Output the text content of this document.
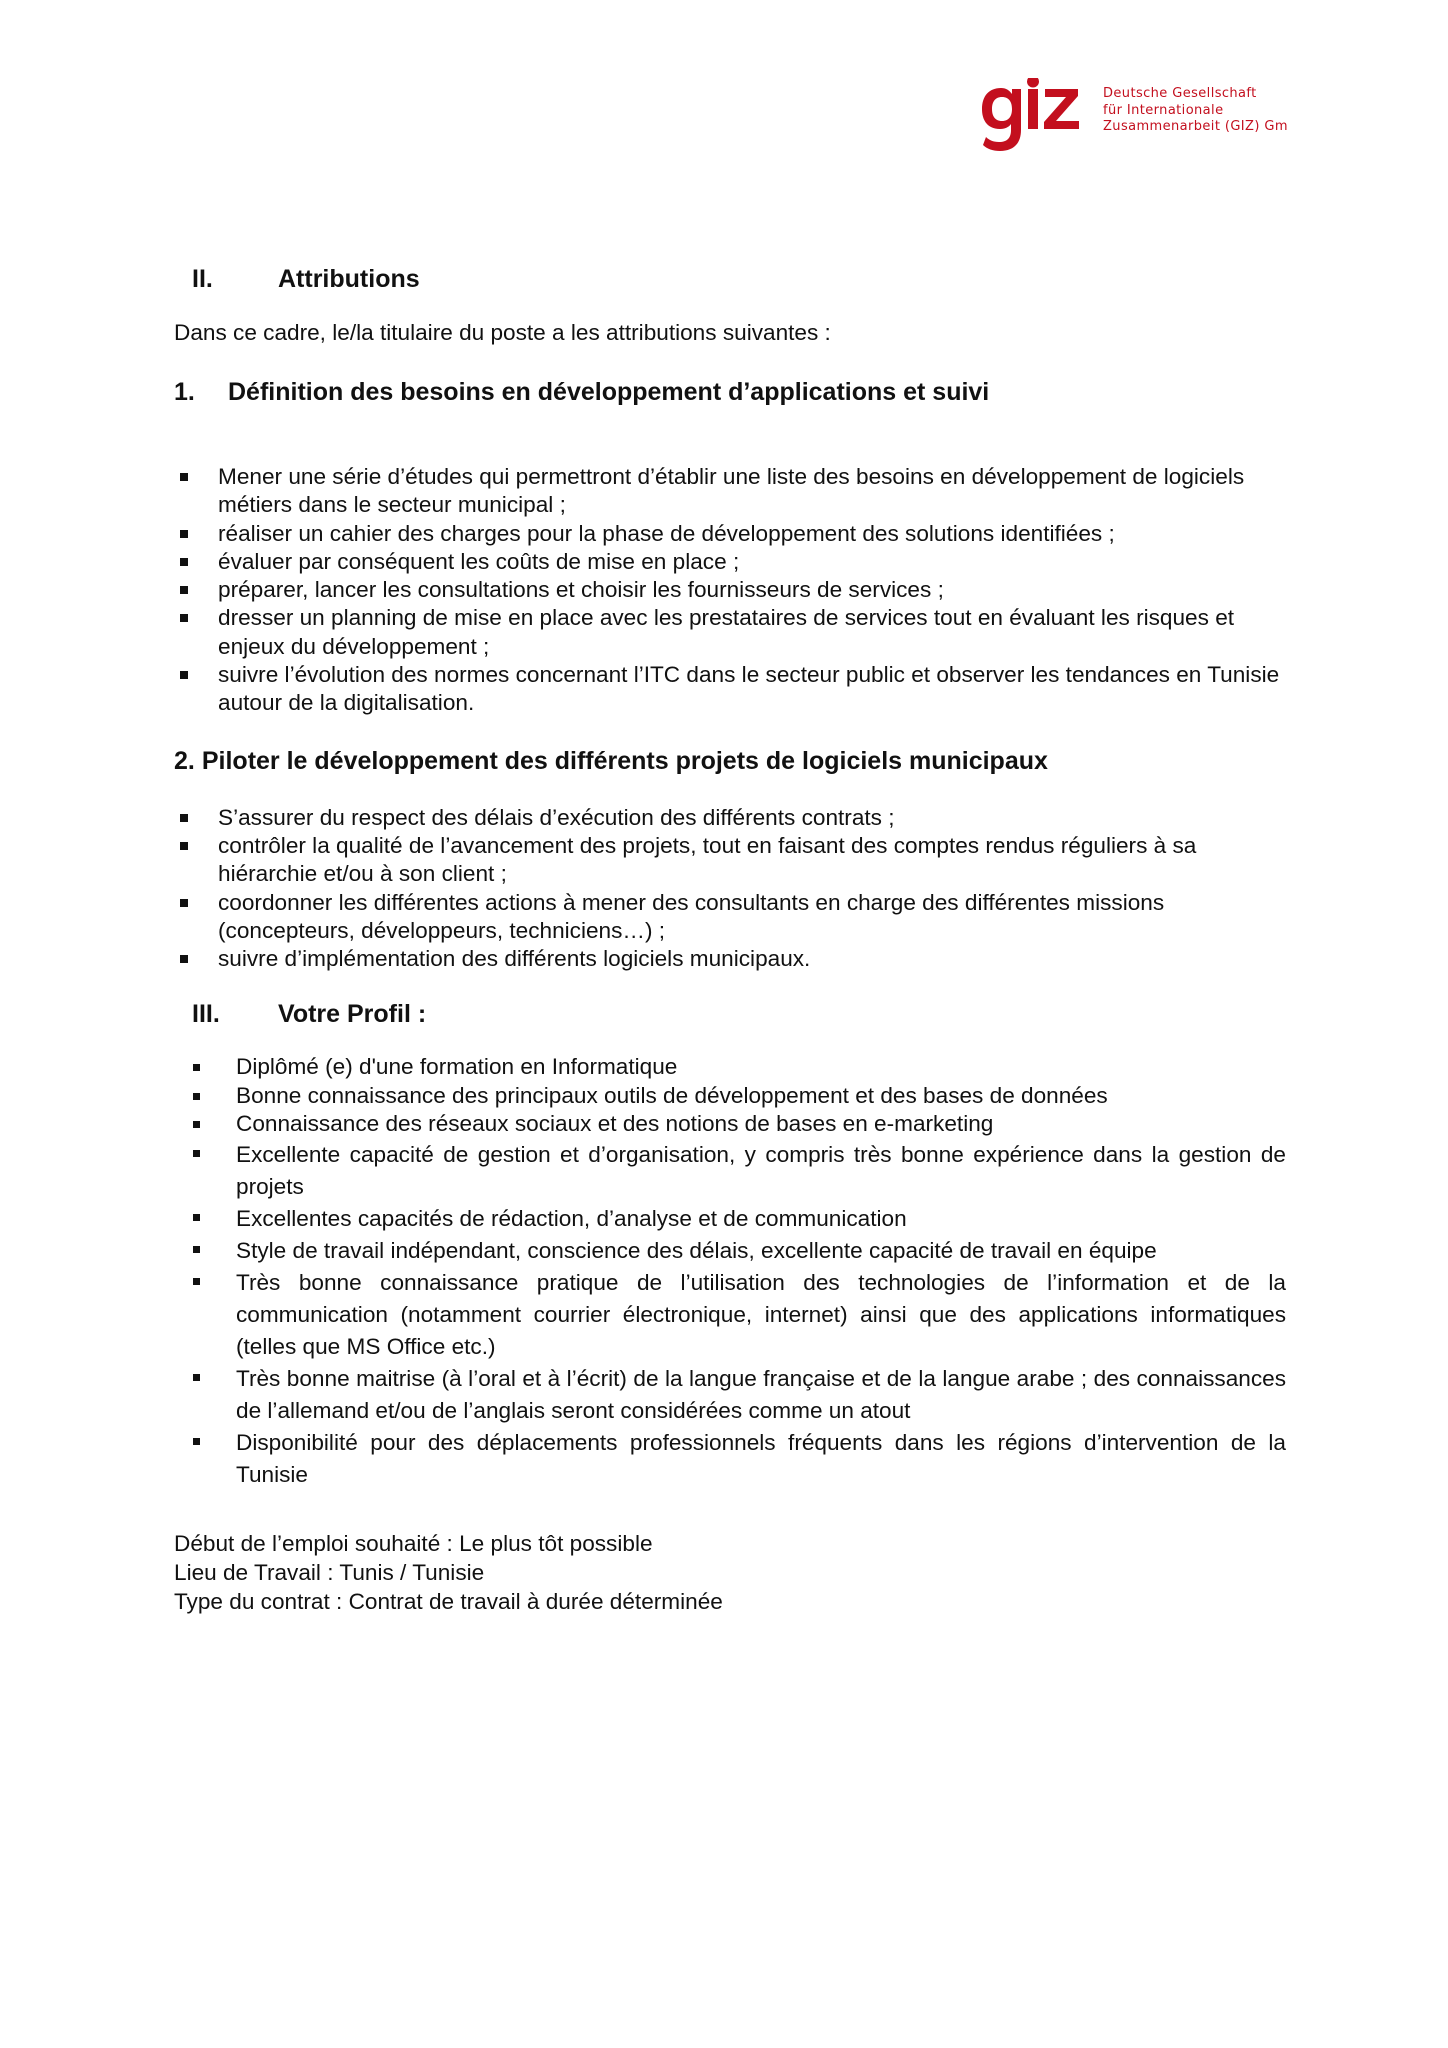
Deutsche Gesellschaft
für Internationale
Zusammenarbeit (GIZ) Gm
II.	Attributions

Dans ce cadre, le/la titulaire du poste a les attributions suivantes :

1.	Définition des besoins en développement d’applications et suivi
Mener une série d’études qui permettront d’établir une liste des besoins en développement de logiciels métiers dans le secteur municipal ;
réaliser un cahier des charges pour la phase de développement des solutions identifiées ;
évaluer par conséquent les coûts de mise en place ;
préparer, lancer les consultations et choisir les fournisseurs de services ;
dresser un planning de mise en place avec les prestataires de services tout en évaluant les risques et enjeux du développement ;
suivre l’évolution des normes concernant l’ITC dans le secteur public et observer les tendances en Tunisie autour de la digitalisation.
2. Piloter le développement des différents projets de logiciels municipaux
S’assurer du respect des délais d’exécution des différents contrats ;
contrôler la qualité de l’avancement des projets, tout en faisant des comptes rendus réguliers à sa hiérarchie et/ou à son client ;
coordonner les différentes actions à mener des consultants en charge des différentes missions (concepteurs, développeurs, techniciens…) ;
suivre d’implémentation des différents logiciels municipaux.
III.	Votre Profil :
Diplômé (e) d'une formation en Informatique
Bonne connaissance des principaux outils de développement et des bases de données
Connaissance des réseaux sociaux et des notions de bases en e-marketing
Excellente capacité de gestion et d’organisation, y compris très bonne expérience dans la gestion de projets
Excellentes capacités de rédaction, d’analyse et de communication
Style de travail indépendant, conscience des délais, excellente capacité de travail en équipe
Très bonne connaissance pratique de l’utilisation des technologies de l’information et de la communication (notamment courrier électronique, internet) ainsi que des applications informatiques (telles que MS Office etc.)
Très bonne maitrise (à l’oral et à l’écrit) de la langue française et de la langue arabe ; des connaissances de l’allemand et/ou de l’anglais seront considérées comme un atout
Disponibilité pour des déplacements professionnels fréquents dans les régions d’intervention de la Tunisie

Début de l’emploi souhaité : Le plus tôt possible

Lieu de Travail : Tunis / Tunisie

Type du contrat : Contrat de travail à durée déterminée
